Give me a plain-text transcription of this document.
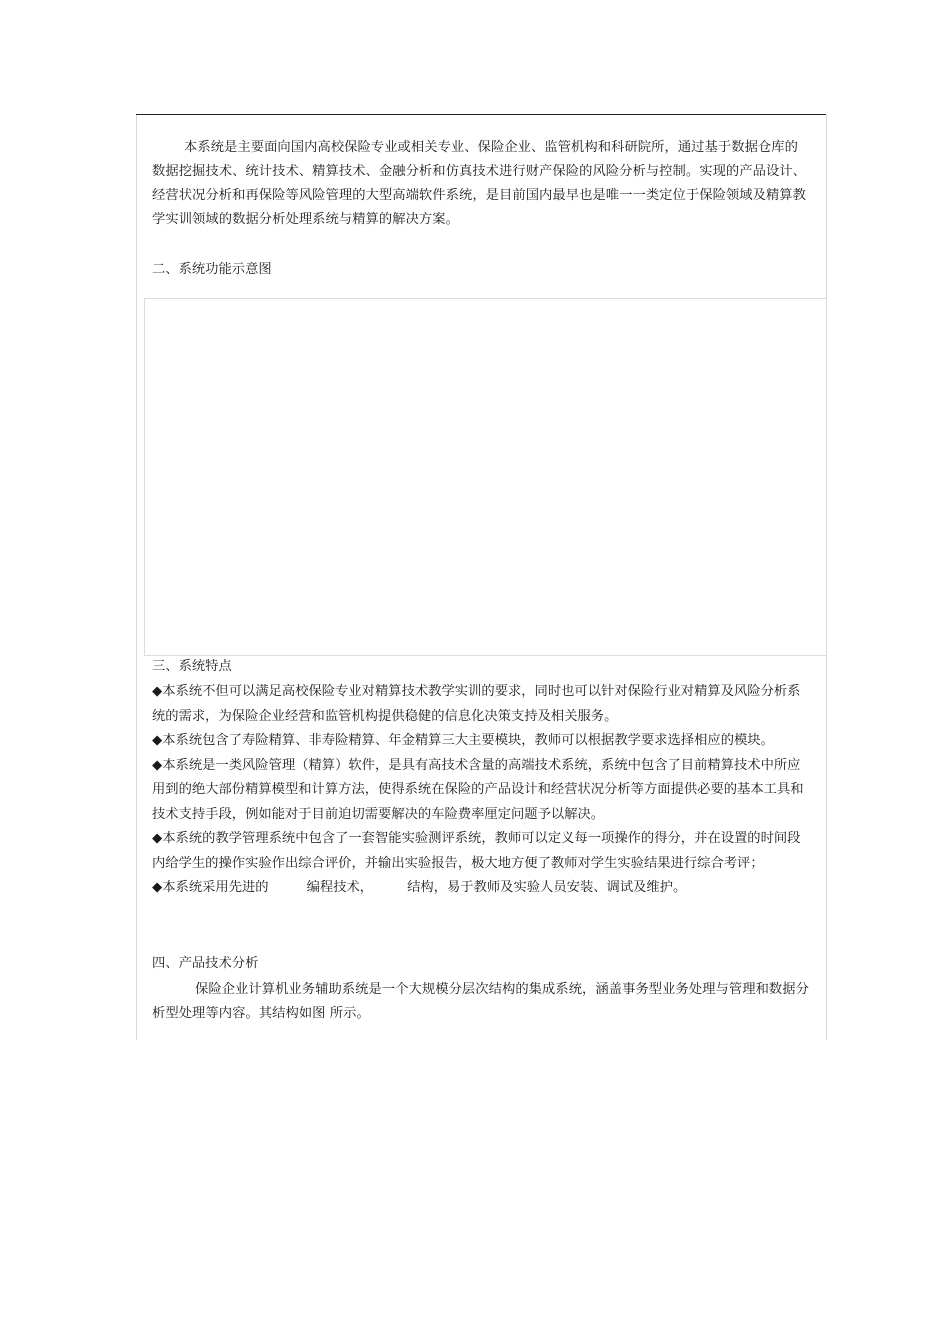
本系统是主要面向国内高校保险专业或相关专业、保险企业、监管机构和科研院所，通过基于数据仓库的数据挖掘技术、统计技术、精算技术、金融分析和仿真技术进行财产保险的风险分析与控制。实现的产品设计、经营状况分析和再保险等风险管理的大型高端软件系统，是目前国内最早也是唯一一类定位于保险领域及精算教学实训领域的数据分析处理系统与精算的解决方案。

二、系统功能示意图

三、系统特点

◆本系统不但可以满足高校保险专业对精算技术教学实训的要求，同时也可以针对保险行业对精算及风险分析系统的需求，为保险企业经营和监管机构提供稳健的信息化决策支持及相关服务。
◆本系统包含了寿险精算、非寿险精算、年金精算三大主要模块，教师可以根据教学要求选择相应的模块。
◆本系统是一类风险管理（精算）软件，是具有高技术含量的高端技术系统，系统中包含了目前精算技术中所应用到的绝大部份精算模型和计算方法，使得系统在保险的产品设计和经营状况分析等方面提供必要的基本工具和技术支持手段，例如能对于目前迫切需要解决的车险费率厘定问题予以解决。
◆本系统的教学管理系统中包含了一套智能实验测评系统，教师可以定义每一项操作的得分，并在设置的时间段内给学生的操作实验作出综合评价，并输出实验报告，极大地方便了教师对学生实验结果进行综合考评；
◆本系统采用先进的	编程技术，	结构，易于教师及实验人员安装、调试及维护。

四、产品技术分析

保险企业计算机业务辅助系统是一个大规模分层次结构的集成系统，涵盖事务型业务处理与管理和数据分析型处理等内容。其结构如图 所示。
